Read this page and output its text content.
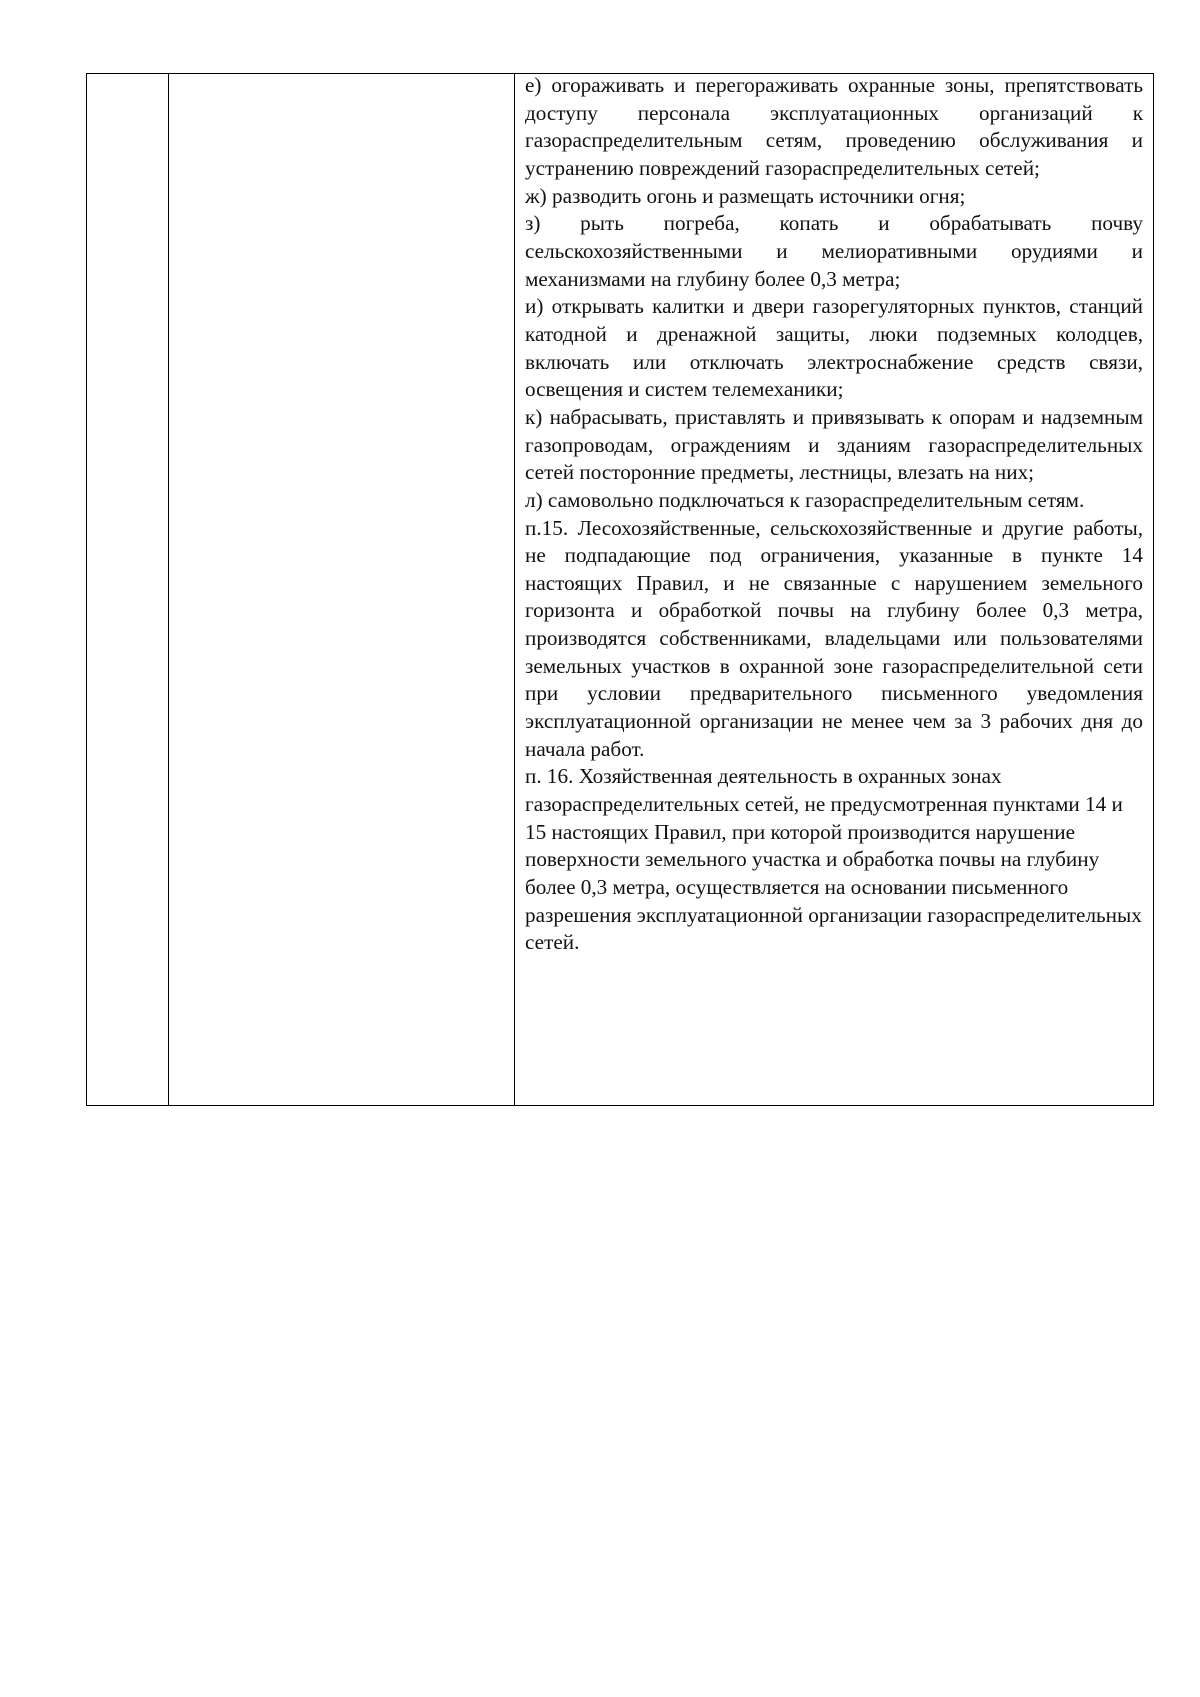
е) огораживать и перегораживать охранные зоны, препятствовать доступу персонала эксплуатационных организаций к газораспределительным сетям, проведению обслуживания и устранению повреждений газораспределительных сетей;

ж) разводить огонь и размещать источники огня;

з) рыть погреба, копать и обрабатывать почву сельскохозяйственными и мелиоративными орудиями и механизмами на глубину более 0,3 метра;

и) открывать калитки и двери газорегуляторных пунктов, станций катодной и дренажной защиты, люки подземных колодцев, включать или отключать электроснабжение средств связи, освещения и систем телемеханики;

к) набрасывать, приставлять и привязывать к опорам и надземным газопроводам, ограждениям и зданиям газораспределительных сетей посторонние предметы, лестницы, влезать на них;

л) самовольно подключаться к газораспределительным сетям.

п.15. Лесохозяйственные, сельскохозяйственные и другие работы, не подпадающие под ограничения, указанные в пункте 14 настоящих Правил, и не связанные с нарушением земельного горизонта и обработкой почвы на глубину более 0,3 метра, производятся собственниками, владельцами или пользователями земельных участков в охранной зоне газораспределительной сети при условии предварительного письменного уведомления эксплуатационной организации не менее чем за 3 рабочих дня до начала работ.

п. 16. Хозяйственная деятельность в охранных зонах газораспределительных сетей, не предусмотренная пунктами 14 и 15 настоящих Правил, при которой производится нарушение поверхности земельного участка и обработка почвы на глубину более 0,3 метра, осуществляется на основании письменного разрешения эксплуатационной организации газораспределительных сетей.
